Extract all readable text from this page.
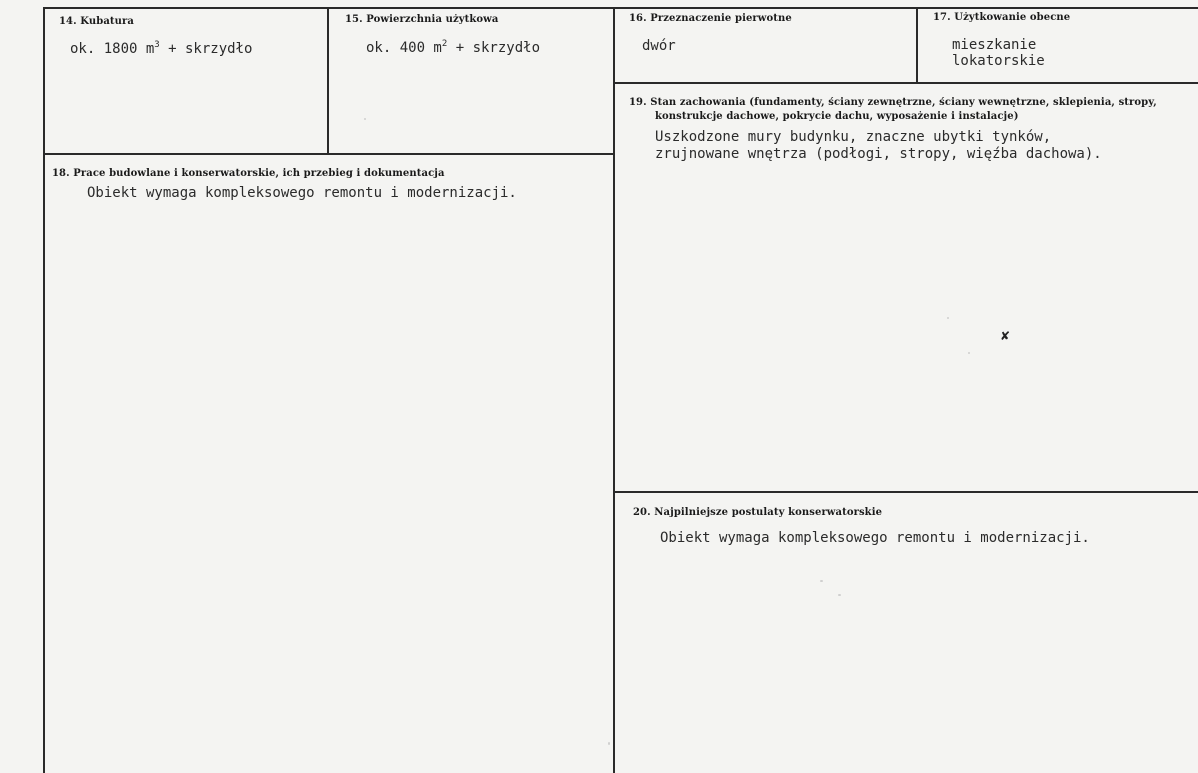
14. Kubatura
ok. 1800 $m^3$ + skrzydło
15. Powierzchnia użytkowa
ok. 400 $m^2$ + skrzydło
16. Przeznaczenie pierwotne
dwór
17. Użytkowanie obecne
mieszkanie
lokatorskie
19. Stan zachowania (fundamenty, ściany zewnętrzne, ściany wewnętrzne, sklepienia, stropy,
konstrukcje dachowe, pokrycie dachu, wyposażenie i instalacje)
Uszkodzone mury budynku, znaczne ubytki tynków,
zrujnowane wnętrza (podłogi, stropy, więźba dachowa).
18. Prace budowlane i konserwatorskie, ich przebieg i dokumentacja
Obiekt wymaga kompleksowego remontu i modernizacji.
20. Najpilniejsze postulaty konserwatorskie
Obiekt wymaga kompleksowego remontu i modernizacji.
✘
